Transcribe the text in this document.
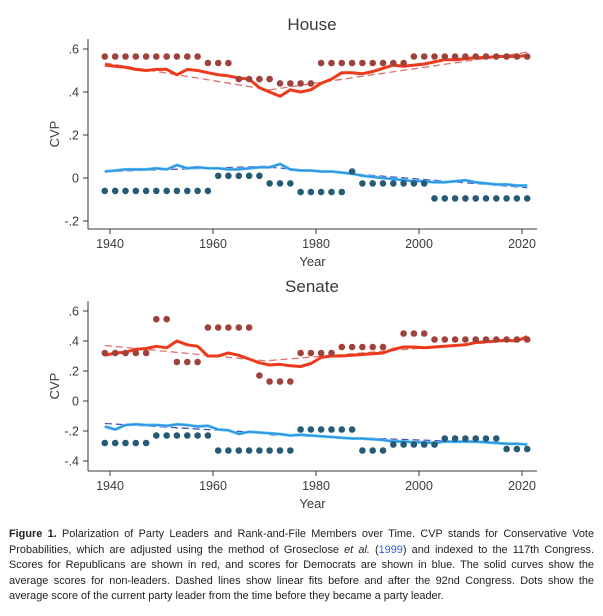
House
.6
.4
.2
0
-.2
1940	1960	1980	2000	2020
CVP
Year
Senate
.6
.4
.2
0
-.2
-.4
1940	1960	1980	2000	2020
CVP
Year

Figure 1. Polarization of Party Leaders and Rank-and-File Members over Time. CVP stands for Conservative Vote Probabilities, which are adjusted using the method of Groseclose et al. (1999) and indexed to the 117th Congress. Scores for Republicans are shown in red, and scores for Democrats are shown in blue. The solid curves show the average scores for non-leaders. Dashed lines show linear fits before and after the 92nd Congress. Dots show the average score of the current party leader from the time before they became a party leader.
